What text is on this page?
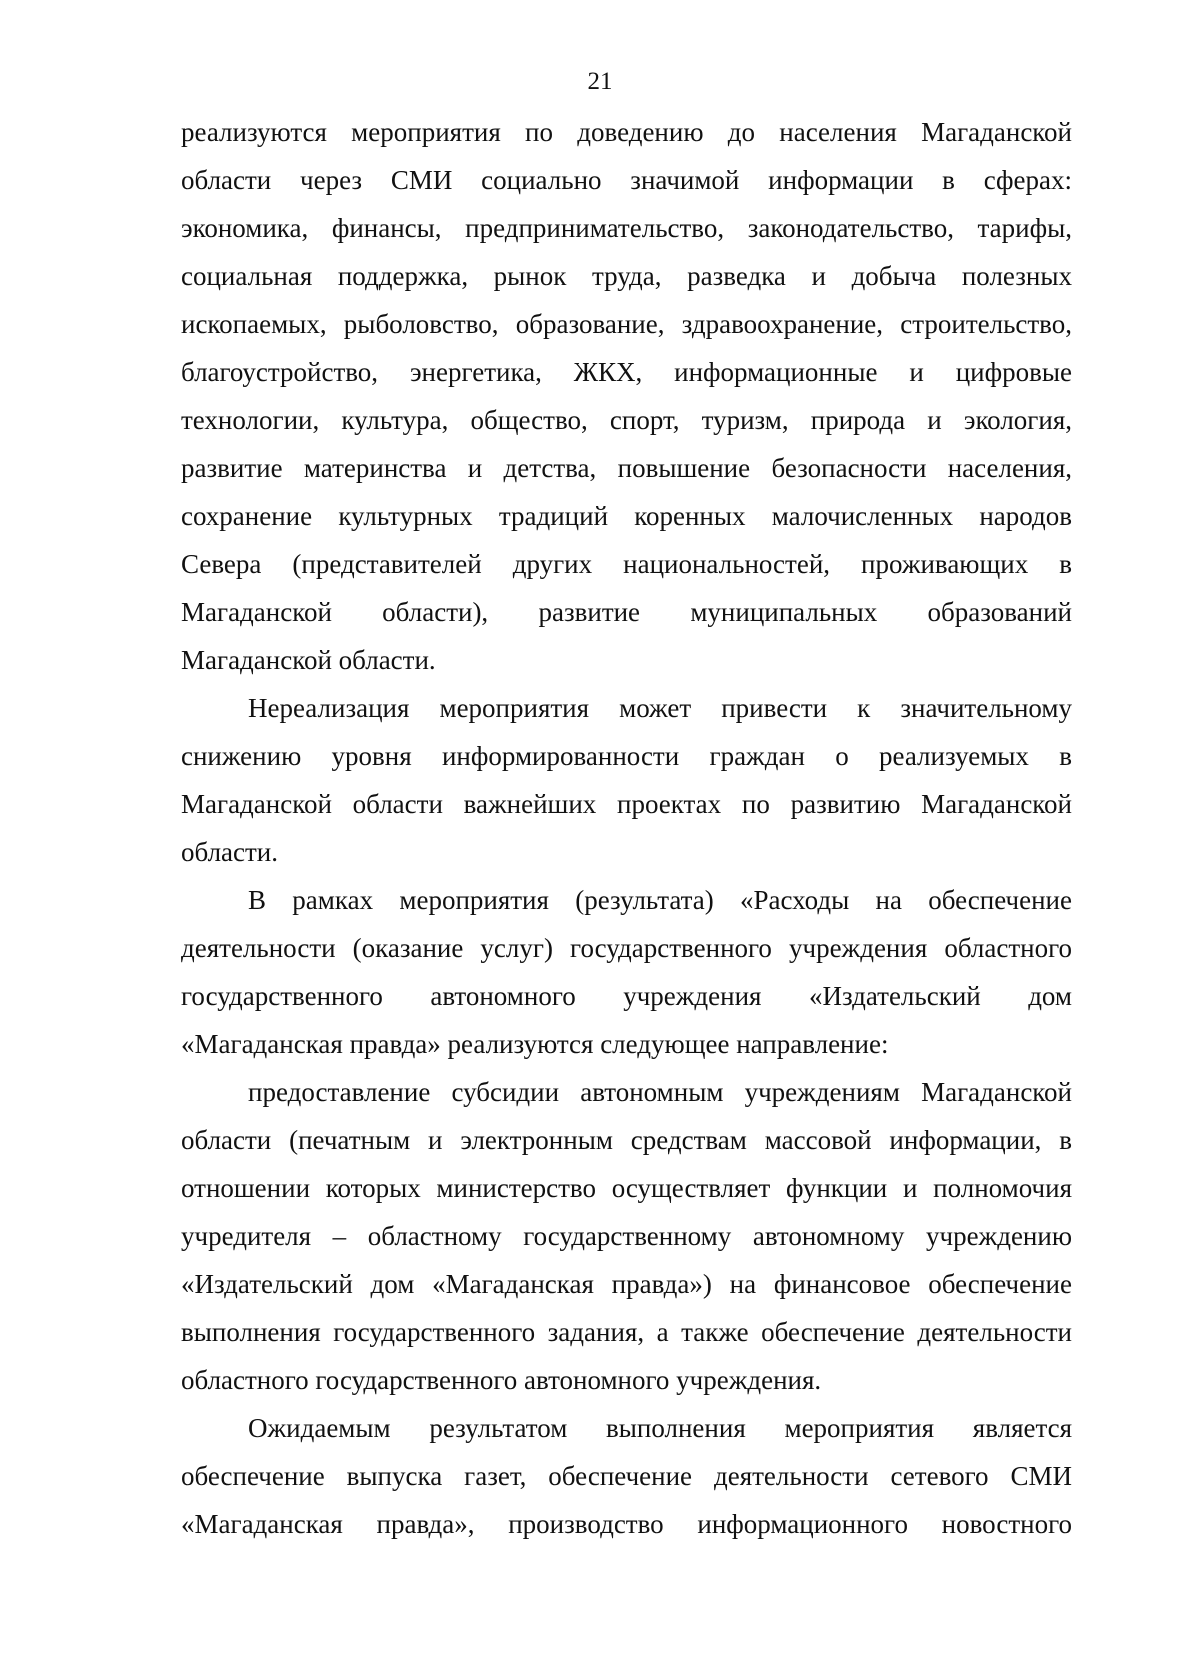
21
реализуются мероприятия по доведению до населения Магаданской
области через СМИ социально значимой информации в сферах:
экономика, финансы, предпринимательство, законодательство, тарифы,
социальная поддержка, рынок труда, разведка и добыча полезных
ископаемых, рыболовство, образование, здравоохранение, строительство,
благоустройство, энергетика, ЖКХ, информационные и цифровые
технологии, культура, общество, спорт, туризм, природа и экология,
развитие материнства и детства, повышение безопасности населения,
сохранение культурных традиций коренных малочисленных народов
Севера (представителей других национальностей, проживающих в
Магаданской области), развитие муниципальных образований
Магаданской области.
Нереализация мероприятия может привести к значительному
снижению уровня информированности граждан о реализуемых в
Магаданской области важнейших проектах по развитию Магаданской
области.
В рамках мероприятия (результата) «Расходы на обеспечение
деятельности (оказание услуг) государственного учреждения областного
государственного автономного учреждения «Издательский дом
«Магаданская правда» реализуются следующее направление:
предоставление субсидии автономным учреждениям Магаданской
области (печатным и электронным средствам массовой информации, в
отношении которых министерство осуществляет функции и полномочия
учредителя – областному государственному автономному учреждению
«Издательский дом «Магаданская правда») на финансовое обеспечение
выполнения государственного задания, а также обеспечение деятельности
областного государственного автономного учреждения.
Ожидаемым результатом выполнения мероприятия является
обеспечение выпуска газет, обеспечение деятельности сетевого СМИ
«Магаданская правда», производство информационного новостного
